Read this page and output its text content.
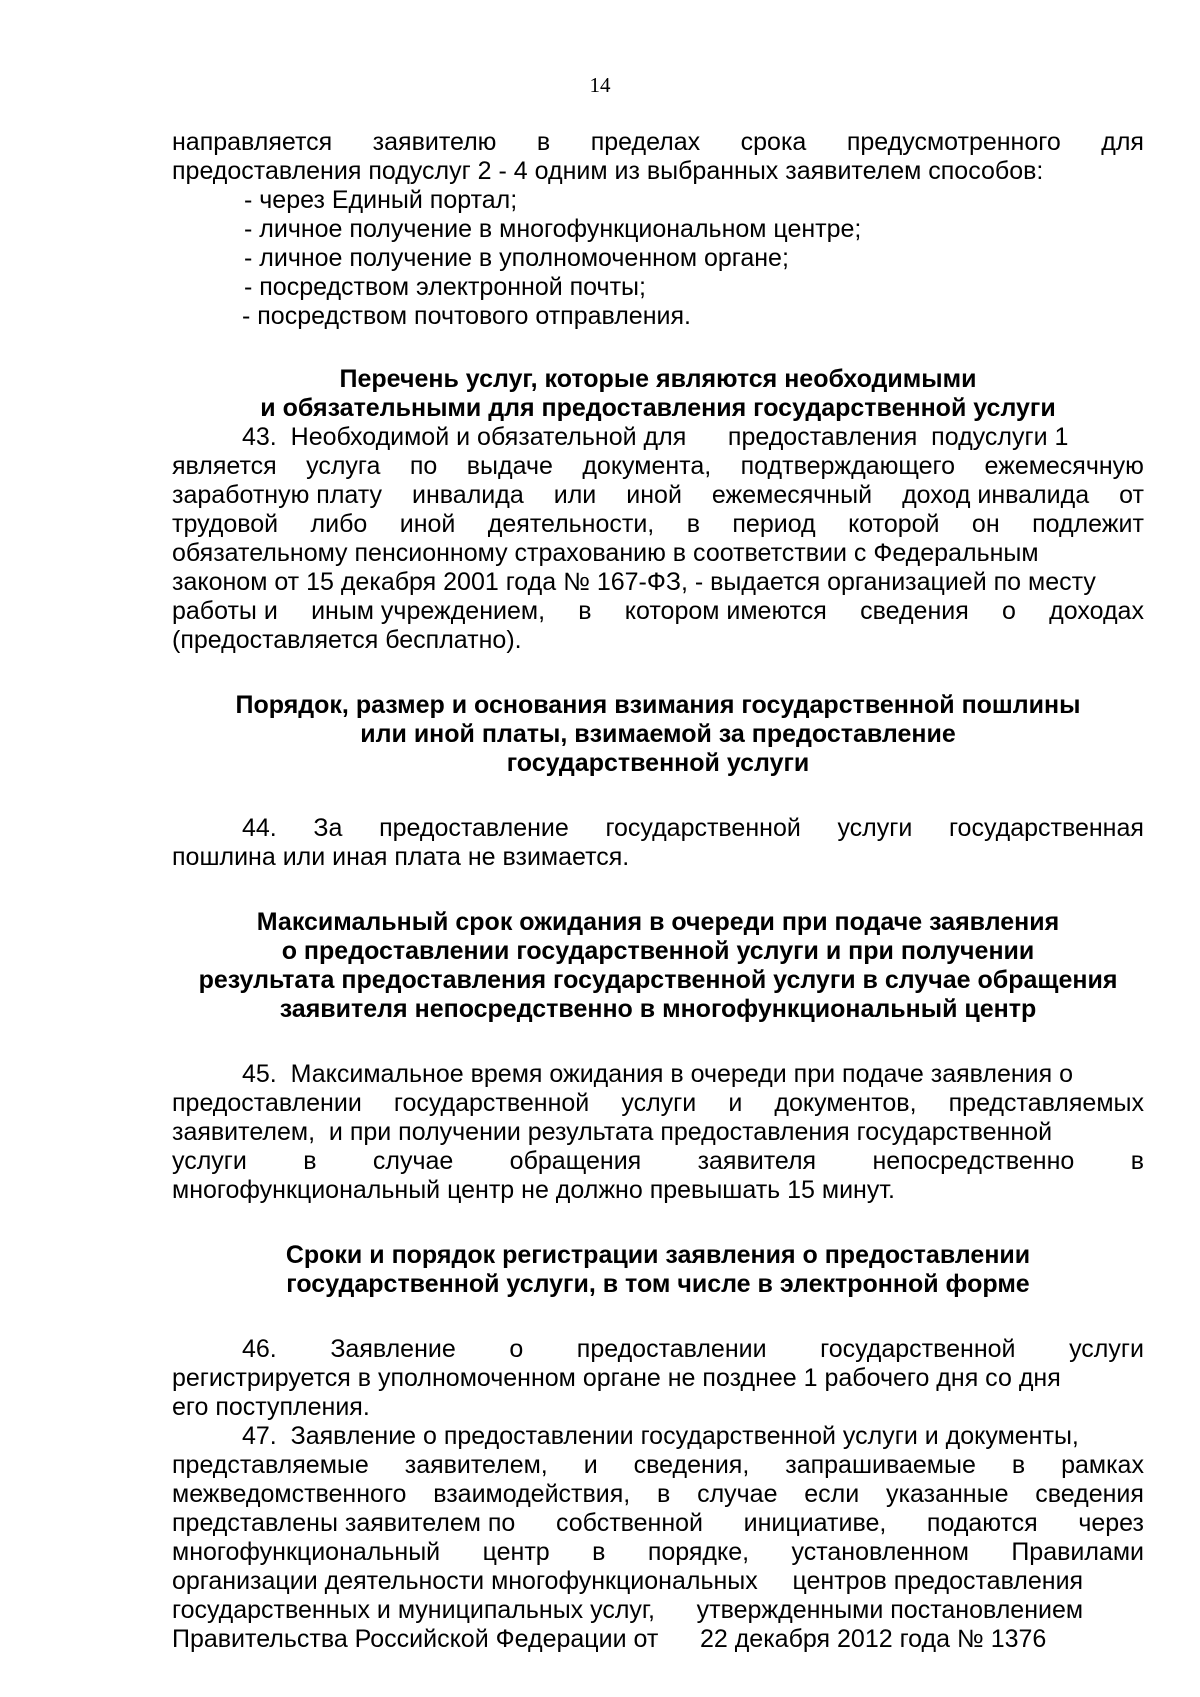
14
направляется заявителю в пределах срока предусмотренного для
предоставления подуслуг 2 - 4 одним из выбранных заявителем способов:
- через Единый портал;
- личное получение в многофункциональном центре;
- личное получение в уполномоченном органе;
- посредством электронной почты;
- посредством почтового отправления.
Перечень услуг, которые являются необходимыми
и обязательными для предоставления государственной услуги
43.  Необходимой и обязательной для      предоставления  подуслуги 1
является услуга по выдаче документа, подтверждающего ежемесячную
заработную плату инвалида или иной ежемесячный доход инвалида от
трудовой либо иной деятельности, в период которой он подлежит
обязательному пенсионному страхованию в соответствии с Федеральным
законом от 15 декабря 2001 года № 167-ФЗ, - выдается организацией по месту
работы и иным учреждением, в котором имеются сведения о доходах
(предоставляется бесплатно).
Порядок, размер и основания взимания государственной пошлины
или иной платы, взимаемой за предоставление
государственной услуги
44. За предоставление государственной услуги государственная
пошлина или иная плата не взимается.
Максимальный срок ожидания в очереди при подаче заявления
о предоставлении государственной услуги и при получении
результата предоставления государственной услуги в случае обращения
заявителя непосредственно в многофункциональный центр
45.  Максимальное время ожидания в очереди при подаче заявления о
предоставлении государственной услуги и документов, представляемых
заявителем,  и при получении результата предоставления государственной
услуги в случае обращения заявителя непосредственно в
многофункциональный центр не должно превышать 15 минут.
Сроки и порядок регистрации заявления о предоставлении
государственной услуги, в том числе в электронной форме
46. Заявление о предоставлении государственной услуги
регистрируется в уполномоченном органе не позднее 1 рабочего дня со дня
его поступления.
47.  Заявление о предоставлении государственной услуги и документы,
представляемые заявителем, и сведения, запрашиваемые в рамках
межведомственного взаимодействия, в случае если указанные сведения
представлены заявителем по собственной инициативе, подаются через
многофункциональный центр в порядке, установленном Правилами
организации деятельности многофункциональных     центров предоставления
государственных и муниципальных услуг,      утвержденными постановлением
Правительства Российской Федерации от      22 декабря 2012 года № 1376
